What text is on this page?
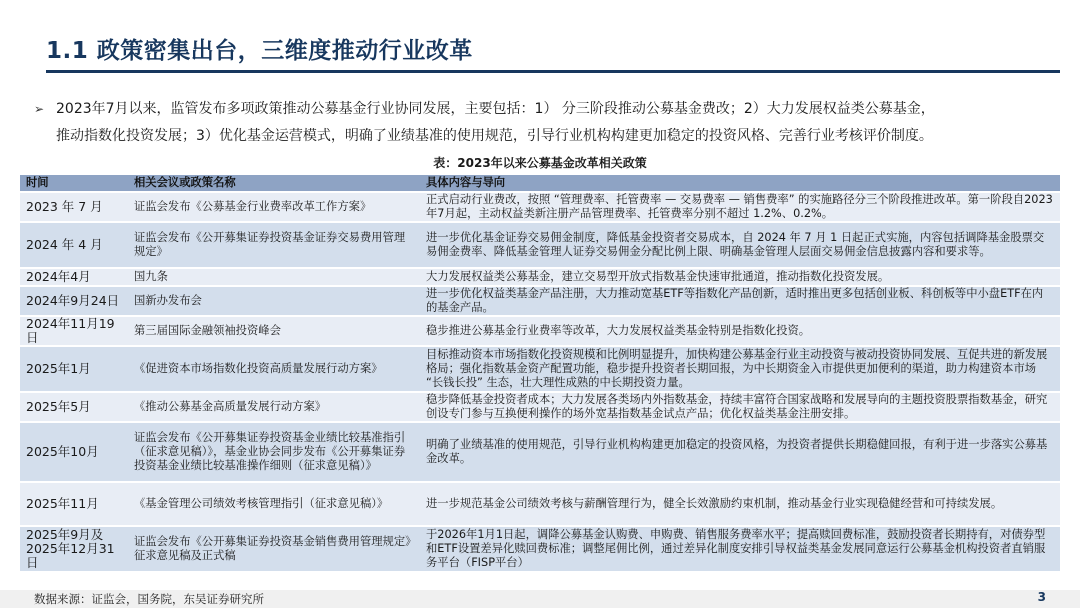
1.1 政策密集出台，三维度推动行业改革
➢ 2023年7月以来，监管发布多项政策推动公募基金行业协同发展，主要包括：1） 分三阶段推动公募基金费改；2）大力发展权益类公募基金，
推动指数化投资发展；3）优化基金运营模式，明确了业绩基准的使用规范，引导行业机构构建更加稳定的投资风格、完善行业考核评价制度。
表：2023年以来公募基金改革相关政策
时间	相关会议或政策名称	具体内容与导向
2023 年 7 月	证监会发布《公募基金行业费率改革工作方案》	正式启动行业费改，按照 “管理费率、托管费率 — 交易费率 — 销售费率” 的实施路径分三个阶段推进改革。第一阶段自2023年7月起，主动权益类新注册产品管理费率、托管费率分别不超过 1.2%、0.2%。
2024 年 4 月	证监会发布《公开募集证券投资基金证券交易费用管理规定》	进一步优化基金证券交易佣金制度，降低基金投资者交易成本，自 2024 年 7 月 1 日起正式实施，内容包括调降基金股票交易佣金费率、降低基金管理人证券交易佣金分配比例上限、明确基金管理人层面交易佣金信息披露内容和要求等。
2024年4月	国九条	大力发展权益类公募基金，建立交易型开放式指数基金快速审批通道，推动指数化投资发展。
2024年9月24日	国新办发布会	进一步优化权益类基金产品注册，大力推动宽基ETF等指数化产品创新，适时推出更多包括创业板、科创板等中小盘ETF在内的基金产品。
2024年11月19日	第三届国际金融领袖投资峰会	稳步推进公募基金行业费率等改革，大力发展权益类基金特别是指数化投资。
2025年1月	《促进资本市场指数化投资高质量发展行动方案》	目标推动资本市场指数化投资规模和比例明显提升，加快构建公募基金行业主动投资与被动投资协同发展、互促共进的新发展格局；强化指数基金资产配置功能，稳步提升投资者长期回报，为中长期资金入市提供更加便利的渠道，助力构建资本市场 “长钱长投” 生态，壮大理性成熟的中长期投资力量。
2025年5月	《推动公募基金高质量发展行动方案》	稳步降低基金投资者成本；大力发展各类场内外指数基金，持续丰富符合国家战略和发展导向的主题投资股票指数基金，研究创设专门参与互换便利操作的场外宽基指数基金试点产品；优化权益类基金注册安排。
2025年10月	证监会发布《公开募集证券投资基金业绩比较基准指引（征求意见稿）》，基金业协会同步发布《公开募集证券投资基金业绩比较基准操作细则（征求意见稿）》	明确了业绩基准的使用规范，引导行业机构构建更加稳定的投资风格，为投资者提供长期稳健回报，有利于进一步落实公募基金改革。
2025年11月	《基金管理公司绩效考核管理指引（征求意见稿）》	进一步规范基金公司绩效考核与薪酬管理行为，健全长效激励约束机制，推动基金行业实现稳健经营和可持续发展。
2025年9月及2025年12月31日	证监会发布《公开募集证券投资基金销售费用管理规定》征求意见稿及正式稿	于2026年1月1日起，调降公募基金认购费、申购费、销售服务费率水平；提高赎回费标准，鼓励投资者长期持有，对债券型和ETF设置差异化赎回费标准；调整尾佣比例，通过差异化制度安排引导权益类基金发展同意运行公募基金机构投资者直销服务平台（FISP平台）
数据来源：证监会，国务院，东吴证券研究所	3
